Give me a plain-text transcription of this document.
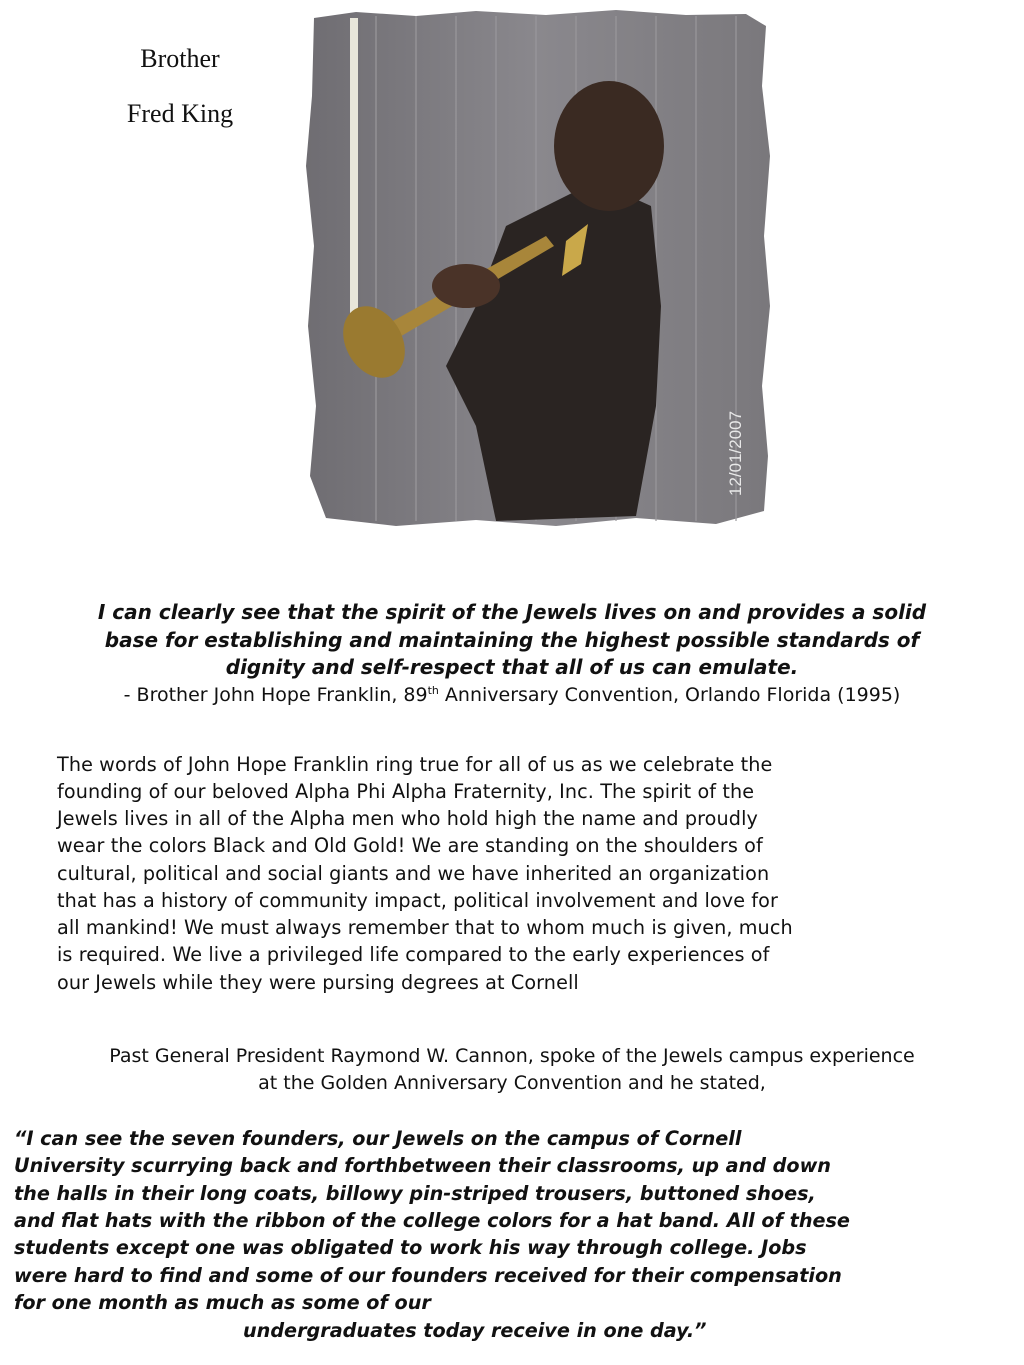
Brother
Fred King
12/01/2007
I can clearly see that the spirit of the Jewels lives on and provides a solid
base for establishing and maintaining the highest possible standards of
dignity and self-respect that all of us can emulate.
- Brother John Hope Franklin, 89th Anniversary Convention, Orlando Florida (1995)
The words of John Hope Franklin ring true for all of us as we celebrate the
founding of our beloved Alpha Phi Alpha Fraternity, Inc. The spirit of the
Jewels lives in all of the Alpha men who hold high the name and proudly
wear the colors Black and Old Gold! We are standing on the shoulders of
cultural, political and social giants and we have inherited an organization
that has a history of community impact, political involvement and love for
all mankind! We must always remember that to whom much is given, much
is required. We live a privileged life compared to the early experiences of
our Jewels while they were pursing degrees at Cornell
Past General President Raymond W. Cannon, spoke of the Jewels campus experience
at the Golden Anniversary Convention and he stated,
“I can see the seven founders, our Jewels on the campus of Cornell
University scurrying back and forthbetween their classrooms, up and down
the halls in their long coats, billowy pin-striped trousers, buttoned shoes,
and flat hats with the ribbon of the college colors for a hat band. All of these
students except one was obligated to work his way through college. Jobs
were hard to find and some of our founders received for their compensation
for one month as much as some of our
undergraduates today receive in one day.”
